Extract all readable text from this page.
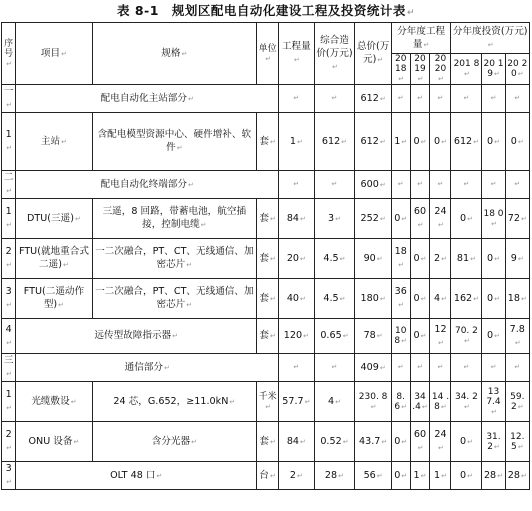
表 8-1　规划区配电自动化建设工程及投资统计表↵
序号↵	项目↵	规格↵	单位↵	工程量↵	综合造价(万元)↵	总价(万元)↵	分年度工程量↵			分年度投资(万元)↵		
							20 18↵	20 19↵	20 20↵	201 8↵	20 19↵	20 20↵
一↵	配电自动化主站部分↵			↵	↵	612↵	↵	↵	↵	↵	↵	↵
1↵	主站↵	含配电模型资源中心、硬件增补、软件↵	套↵	1↵	612↵	612↵	1↵	0↵	0↵	612↵	0↵	0↵
二↵	配电自动化终端部分↵			↵	↵	600↵	↵	↵	↵	↵	↵	↵
1↵	DTU(三遥)↵	三遥，8 回路，带蓄电池，航空插接，控制电缆↵	套↵	84↵	3↵	252↵	0↵	60↵	24↵	0↵	18 0↵	72↵
2↵	FTU(就地重合式二遥)↵	一二次融合，PT、CT、无线通信、加密芯片↵	套↵	20↵	4.5↵	90↵	18↵	0↵	2↵	81↵	0↵	9↵
3↵	FTU(二遥动作型)↵	一二次融合，PT、CT、无线通信、加密芯片↵	套↵	40↵	4.5↵	180↵	36↵	0↵	4↵	162↵	0↵	18↵
4↵	远传型故障指示器↵		套↵	120↵	0.65↵	78↵	10 8↵	0↵	12↵	70. 2↵	0↵	7.8↵
三↵	通信部分↵			↵	↵	409↵	↵	↵	↵	↵	↵	↵
1↵	光缆敷设↵	24 芯，G.652，≥11.0kN↵	千米↵	57.7↵	4↵	230. 8↵	8. 6↵	34 .4↵	14 .8↵	34. 2↵	13 7.4↵	59. 2↵
2↵	ONU 设备↵	含分光器↵	套↵	84↵	0.52↵	43.7↵	0↵	60↵	24↵	0↵	31. 2↵	12. 5↵
3↵	OLT 48 口↵		台↵	2↵	28↵	56↵	0↵	1↵	1↵	0↵	28↵	28↵
